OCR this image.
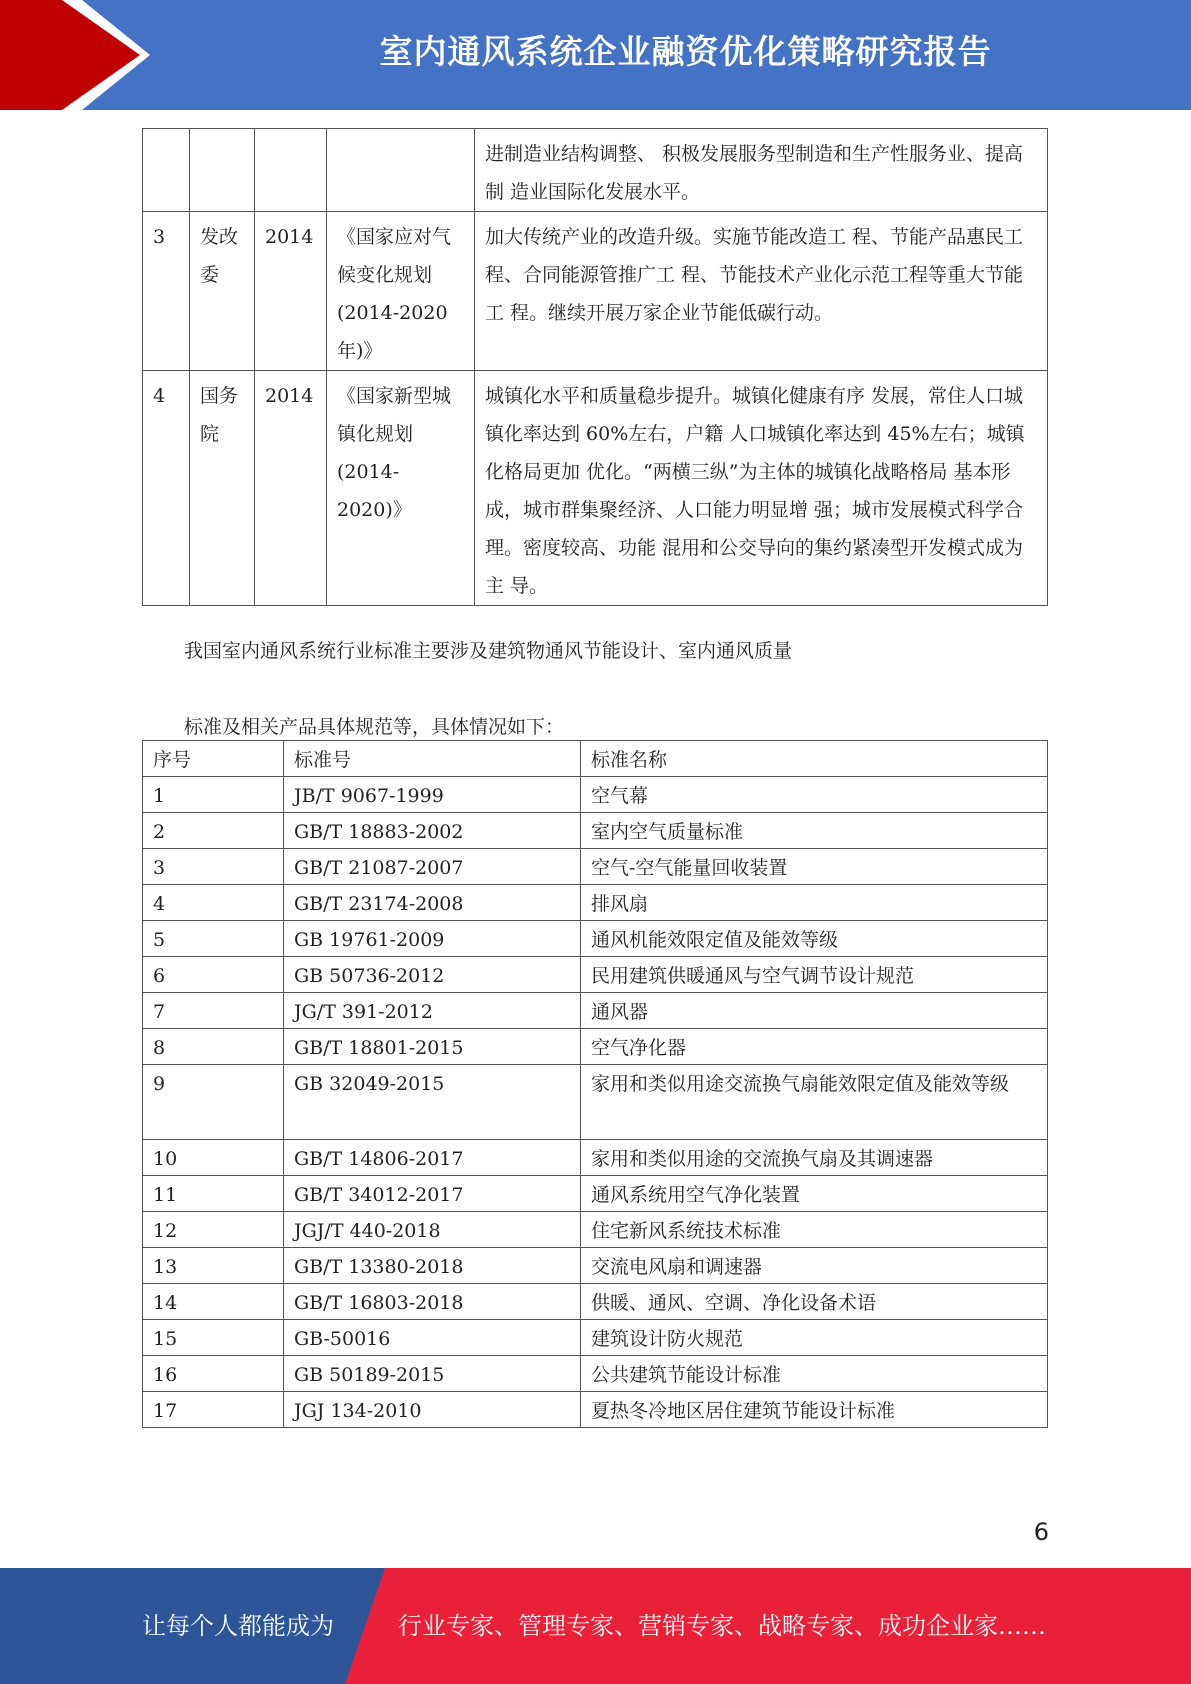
室内通风系统企业融资优化策略研究报告
				进制造业结构调整、 积极发展服务型制造和生产性服务业、提高制 造业国际化发展水平。
3	发改委	2014	《国家应对气候变化规划(2014-2020年)》	加大传统产业的改造升级。实施节能改造工 程、节能产品惠民工程、合同能源管推广工 程、节能技术产业化示范工程等重大节能工 程。继续开展万家企业节能低碳行动。
4	国务院	2014	《国家新型城镇化规划(2014-2020)》	城镇化水平和质量稳步提升。城镇化健康有序 发展，常住人口城镇化率达到 60%左右，户籍 人口城镇化率达到 45%左右；城镇化格局更加 优化。“两横三纵”为主体的城镇化战略格局 基本形成，城市群集聚经济、人口能力明显增 强；城市发展模式科学合理。密度较高、功能 混用和公交导向的集约紧凑型开发模式成为主 导。
我国室内通风系统行业标准主要涉及建筑物通风节能设计、室内通风质量
标准及相关产品具体规范等，具体情况如下：
序号	标准号	标准名称
1	JB/T 9067-1999	空气幕
2	GB/T 18883-2002	室内空气质量标准
3	GB/T 21087-2007	空气-空气能量回收装置
4	GB/T 23174-2008	排风扇
5	GB 19761-2009	通风机能效限定值及能效等级
6	GB 50736-2012	民用建筑供暖通风与空气调节设计规范
7	JG/T 391-2012	通风器
8	GB/T 18801-2015	空气净化器
9	GB 32049-2015	家用和类似用途交流换气扇能效限定值及能效等级
10	GB/T 14806-2017	家用和类似用途的交流换气扇及其调速器
11	GB/T 34012-2017	通风系统用空气净化装置
12	JGJ/T 440-2018	住宅新风系统技术标准
13	GB/T 13380-2018	交流电风扇和调速器
14	GB/T 16803-2018	供暖、通风、空调、净化设备术语
15	GB-50016	建筑设计防火规范
16	GB 50189-2015	公共建筑节能设计标准
17	JGJ 134-2010	夏热冬冷地区居住建筑节能设计标准
6
让每个人都能成为	行业专家、管理专家、营销专家、战略专家、成功企业家……
